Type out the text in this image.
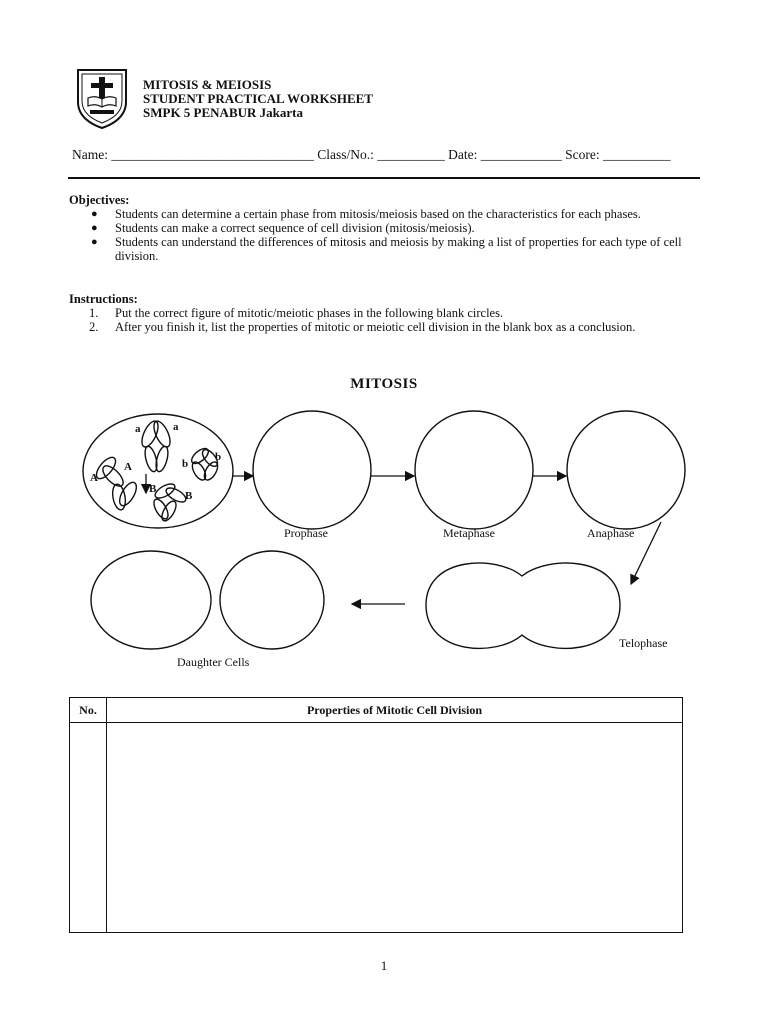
MITOSIS & MEIOSIS
STUDENT PRACTICAL WORKSHEET
SMPK 5 PENABUR Jakarta
Name: ______________________________ Class/No.: __________ Date: ____________ Score: __________
Objectives:
● Students can determine a certain phase from mitosis/meiosis based on the characteristics for each phases.
● Students can make a correct sequence of cell division (mitosis/meiosis).
● Students can understand the differences of mitosis and meiosis by making a list of properties for each type of cell division.
Instructions:
1. Put the correct figure of mitotic/meiotic phases in the following blank circles.
2. After you finish it, list the properties of mitotic or meiotic cell division in the blank box as a conclusion.
MITOSIS
a	a
A
A
b
b
B
B
Prophase	Metaphase	Anaphase
Telophase
Daughter Cells
No.	Properties of Mitotic Cell Division

1
